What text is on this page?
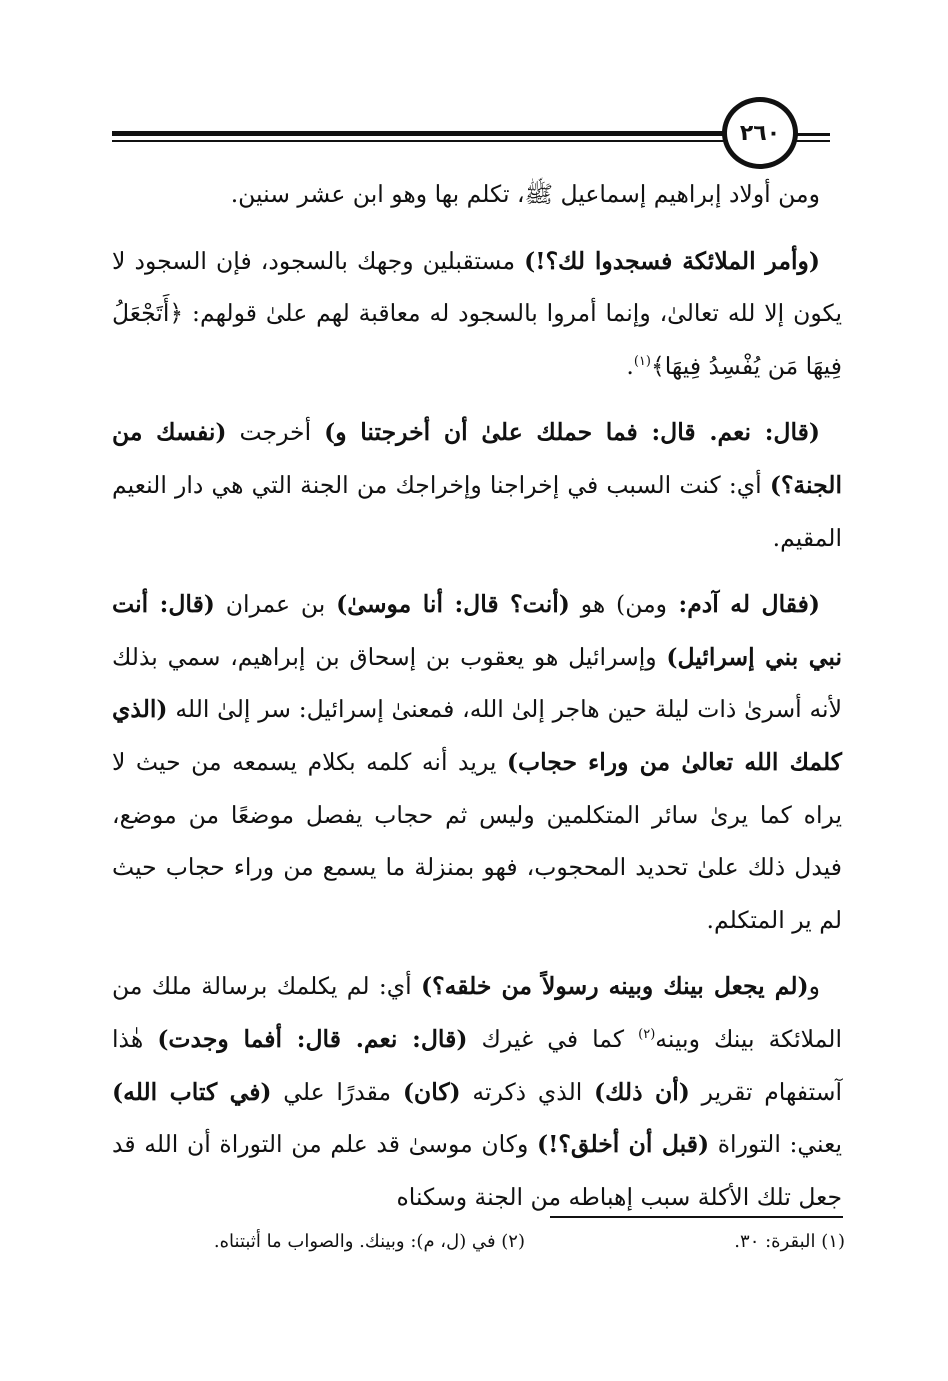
٢٦٠

ومن أولاد إبراهيم إسماعيل ﷺ، تكلم بها وهو ابن عشر سنين.

(وأمر الملائكة فسجدوا لك؟!) مستقبلين وجهك بالسجود، فإن السجود لا يكون إلا لله تعالىٰ، وإنما أمروا بالسجود له معاقبة لهم علىٰ قولهم: ﴿أَتَجْعَلُ فِيهَا مَن يُفْسِدُ فِيهَا﴾$^{(١)}$.

(قال: نعم. قال: فما حملك علىٰ أن أخرجتنا و) أخرجت (نفسك من الجنة؟) أي: كنت السبب في إخراجنا وإخراجك من الجنة التي هي دار النعيم المقيم.

(فقال له آدم: ومن) هو (أنت؟ قال: أنا موسىٰ) بن عمران (قال: أنت نبي بني إسرائيل) وإسرائيل هو يعقوب بن إسحاق بن إبراهيم، سمي بذلك لأنه أسرىٰ ذات ليلة حين هاجر إلىٰ الله، فمعنىٰ إسرائيل: سر إلىٰ الله (الذي كلمك الله تعالىٰ من وراء حجاب) يريد أنه كلمه بكلام يسمعه من حيث لا يراه كما يرىٰ سائر المتكلمين وليس ثم حجاب يفصل موضعًا من موضع، فيدل ذلك علىٰ تحديد المحجوب، فهو بمنزلة ما يسمع من وراء حجاب حيث لم ير المتكلم.

و(لم يجعل بينك وبينه رسولاً من خلقه؟) أي: لم يكلمك برسالة ملك من الملائكة بينك وبينه$^{(٢)}$ كما في غيرك (قال: نعم. قال: أفما وجدت) هٰذا آستفهام تقرير (أن ذلك) الذي ذكرته (كان) مقدرًا علي (في كتاب الله) يعني: التوراة (قبل أن أخلق؟!) وكان موسىٰ قد علم من التوراة أن الله قد جعل تلك الأكلة سبب إهباطه من الجنة وسكناه

(١) البقرة: ٣٠.
(٢) في (ل، م): وبينك. والصواب ما أثبتناه.
